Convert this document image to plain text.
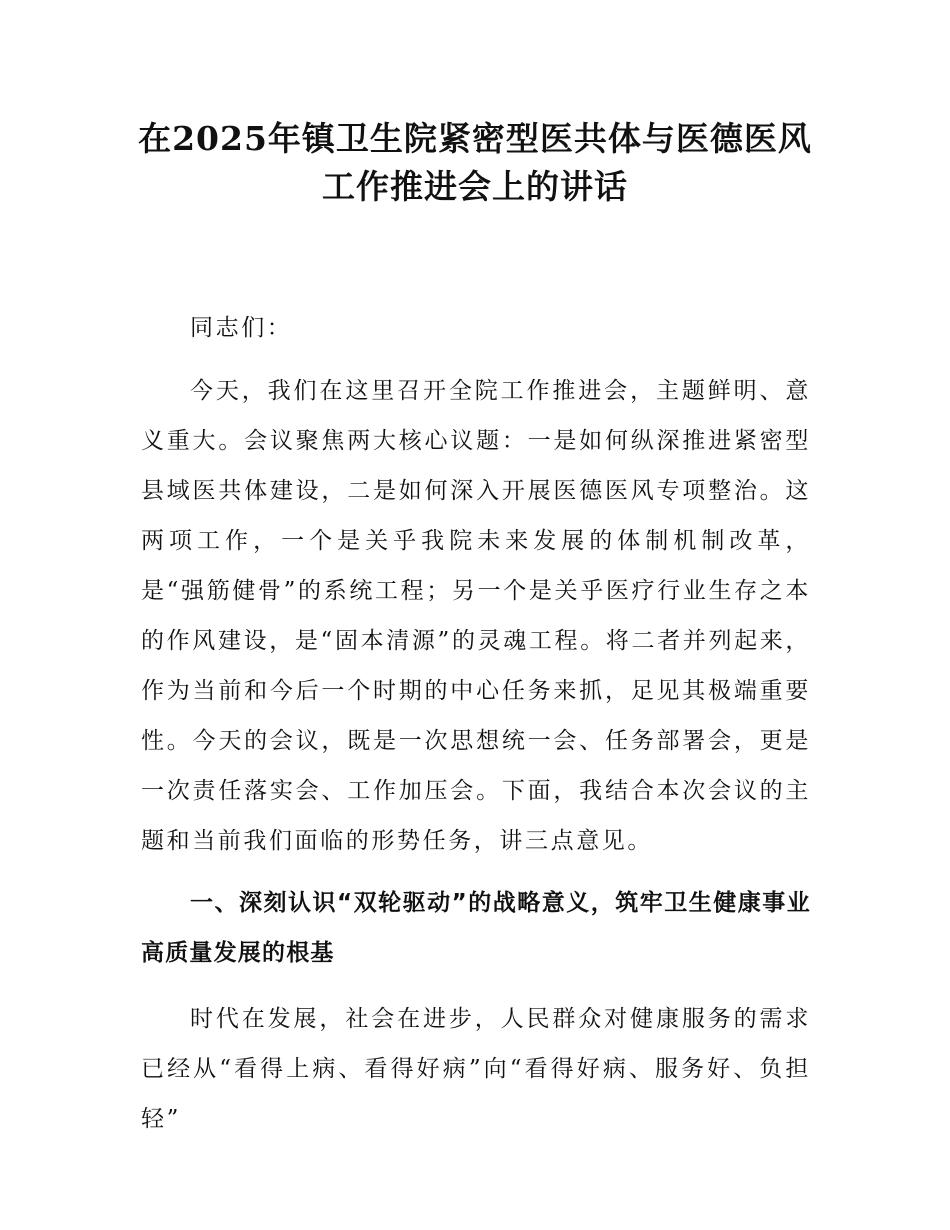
在2025年镇卫生院紧密型医共体与医德医风
工作推进会上的讲话

同志们：

今天，我们在这里召开全院工作推进会，主题鲜明、意义重大。会议聚焦两大核心议题：一是如何纵深推进紧密型县域医共体建设，二是如何深入开展医德医风专项整治。这两项工作，一个是关乎我院未来发展的体制机制改革，是“强筋健骨”的系统工程；另一个是关乎医疗行业生存之本的作风建设，是“固本清源”的灵魂工程。将二者并列起来，作为当前和今后一个时期的中心任务来抓，足见其极端重要性。今天的会议，既是一次思想统一会、任务部署会，更是一次责任落实会、工作加压会。下面，我结合本次会议的主题和当前我们面临的形势任务，讲三点意见。

一、深刻认识“双轮驱动”的战略意义，筑牢卫生健康事业高质量发展的根基

时代在发展，社会在进步，人民群众对健康服务的需求已经从“看得上病、看得好病”向“看得好病、服务好、负担轻”
